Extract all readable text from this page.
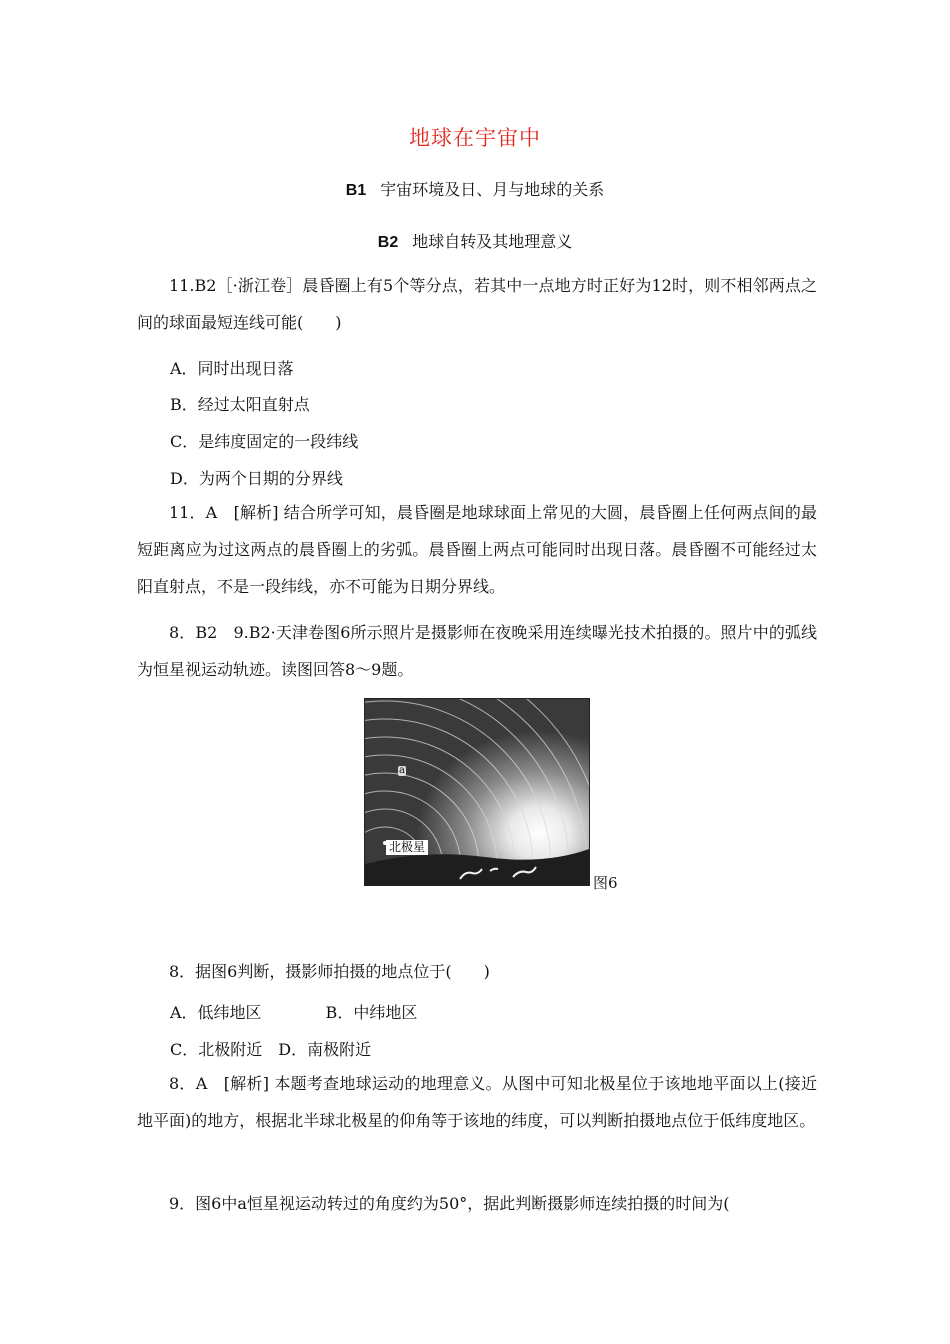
地球在宇宙中
B1 宇宙环境及日、月与地球的关系
B2 地球自转及其地理意义
11.B2［·浙江卷］晨昏圈上有5个等分点，若其中一点地方时正好为12时，则不相邻两点之间的球面最短连线可能(　　)
A．同时出现日落
B．经过太阳直射点
C．是纬度固定的一段纬线
D．为两个日期的分界线
11．A　[解析] 结合所学可知，晨昏圈是地球球面上常见的大圆，晨昏圈上任何两点间的最短距离应为过这两点的晨昏圈上的劣弧。晨昏圈上两点可能同时出现日落。晨昏圈不可能经过太阳直射点，不是一段纬线，亦不可能为日期分界线。
8．B2　9.B2·天津卷图6所示照片是摄影师在夜晚采用连续曝光技术拍摄的。照片中的弧线为恒星视运动轨迹。读图回答8～9题。
a
北极星
图6
8．据图6判断，摄影师拍摄的地点位于(　　)
A．低纬地区　　　　B．中纬地区
C．北极附近　D．南极附近
8．A　[解析] 本题考查地球运动的地理意义。从图中可知北极星位于该地地平面以上(接近地平面)的地方，根据北半球北极星的仰角等于该地的纬度，可以判断拍摄地点位于低纬度地区。
9．图6中a恒星视运动转过的角度约为50°，据此判断摄影师连续拍摄的时间为(
